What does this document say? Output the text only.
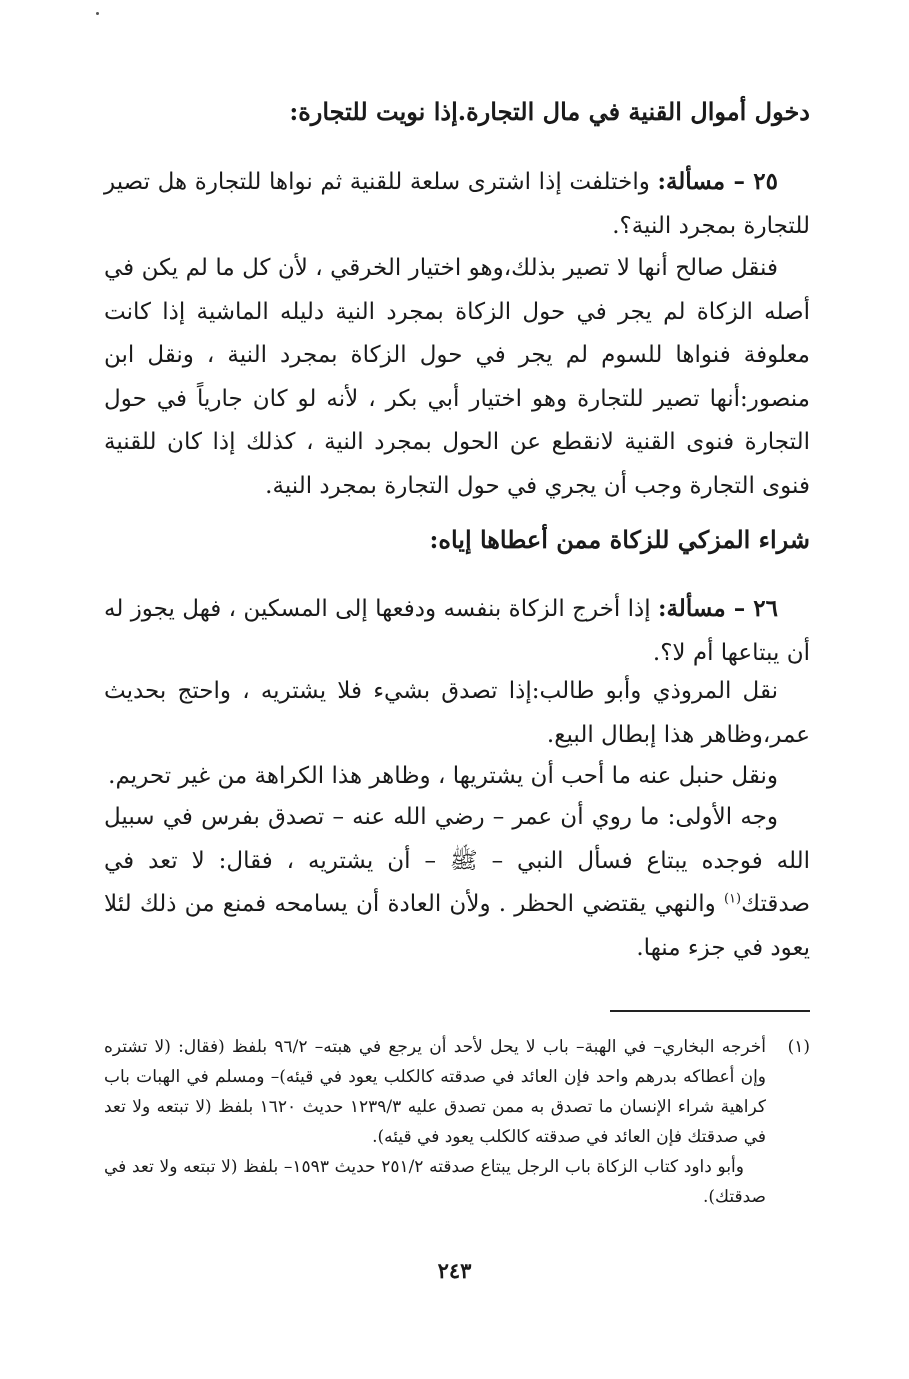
دخول أموال القنية في مال التجارة.إذا نويت للتجارة:

٢٥ – مسألة: واختلفت إذا اشترى سلعة للقنية ثم نواها للتجارة هل تصير للتجارة بمجرد النية؟.

فنقل صالح أنها لا تصير بذلك،وهو اختيار الخرقي ، لأن كل ما لم يكن في أصله الزكاة لم يجر في حول الزكاة بمجرد النية دليله الماشية إذا كانت معلوفة فنواها للسوم لم يجر في حول الزكاة بمجرد النية ، ونقل ابن منصور:أنها تصير للتجارة وهو اختيار أبي بكر ، لأنه لو كان جارياً في حول التجارة فنوى القنية لانقطع عن الحول بمجرد النية ، كذلك إذا كان للقنية فنوى التجارة وجب أن يجري في حول التجارة بمجرد النية.

شراء المزكي للزكاة ممن أعطاها إياه:

٢٦ – مسألة: إذا أخرج الزكاة بنفسه ودفعها إلى المسكين ، فهل يجوز له أن يبتاعها أم لا؟.

نقل المروذي وأبو طالب:إذا تصدق بشيء فلا يشتريه ، واحتج بحديث عمر،وظاهر هذا إبطال البيع.

ونقل حنبل عنه ما أحب أن يشتريها ، وظاهر هذا الكراهة من غير تحريم.

وجه الأولى: ما روي أن عمر – رضي الله عنه – تصدق بفرس في سبيل الله فوجده يبتاع فسأل النبي – ﷺ – أن يشتريه ، فقال: لا تعد في صدقتك$^{(١)}$ والنهي يقتضي الحظر . ولأن العادة أن يسامحه فمنع من ذلك لئلا يعود في جزء منها.

(١)

أخرجه البخاري– في الهبة– باب لا يحل لأحد أن يرجع في هبته– ٩٦/٢ بلفظ (فقال: (لا تشتره وإن أعطاكه بدرهم واحد فإن العائد في صدقته كالكلب يعود في قيئه)– ومسلم في الهبات باب كراهية شراء الإنسان ما تصدق به ممن تصدق عليه ١٢٣٩/٣ حديث ١٦٢٠ بلفظ (لا تبتعه ولا تعد في صدقتك فإن العائد في صدقته كالكلب يعود في قيئه).

وأبو داود كتاب الزكاة باب الرجل يبتاع صدقته ٢٥١/٢ حديث ١٥٩٣– بلفظ (لا تبتعه ولا تعد في صدقتك).

٢٤٣
